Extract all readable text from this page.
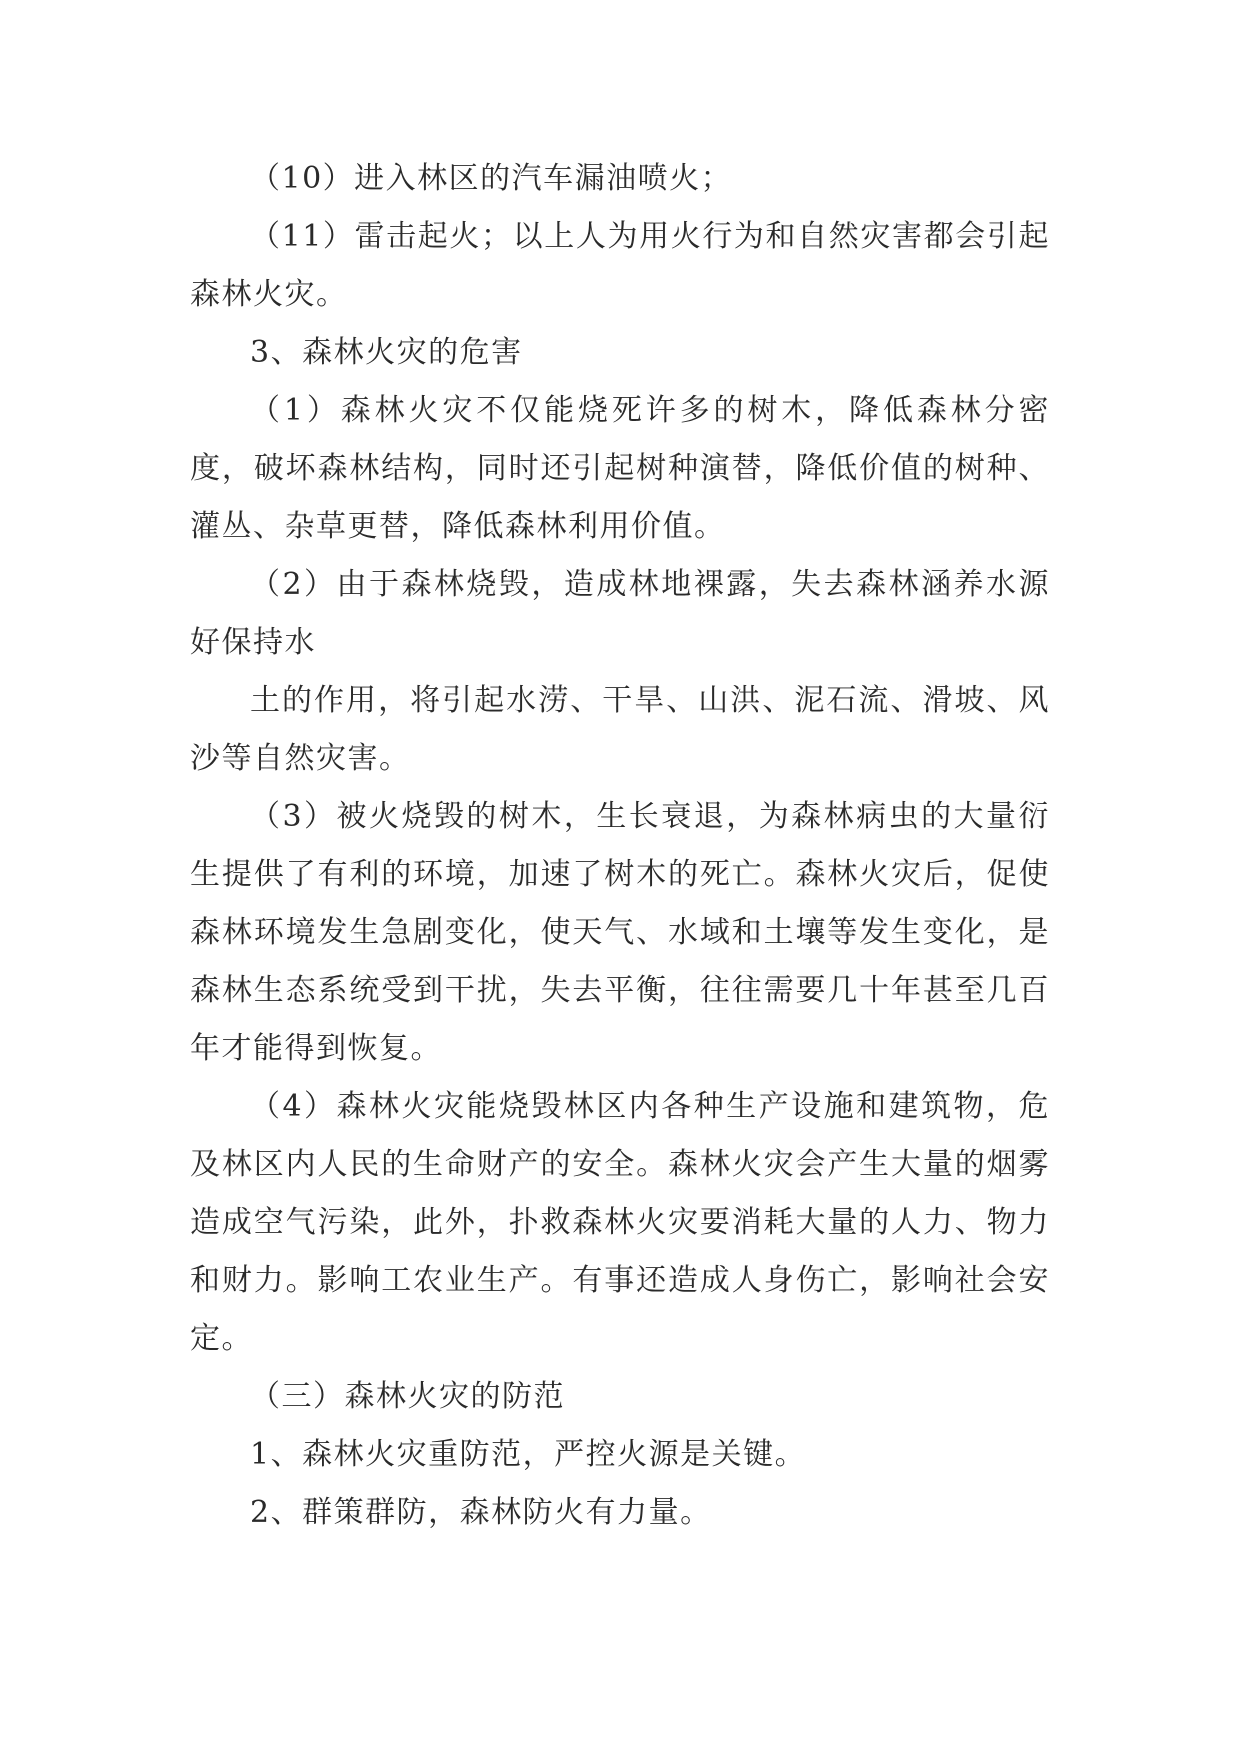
（10）进入林区的汽车漏油喷火；

（11）雷击起火；以上人为用火行为和自然灾害都会引起森林火灾。

3、森林火灾的危害

（1）森林火灾不仅能烧死许多的树木，降低森林分密度，破坏森林结构，同时还引起树种演替，降低价值的树种、灌丛、杂草更替，降低森林利用价值。

（2）由于森林烧毁，造成林地裸露，失去森林涵养水源好保持水

土的作用，将引起水涝、干旱、山洪、泥石流、滑坡、风沙等自然灾害。

（3）被火烧毁的树木，生长衰退，为森林病虫的大量衍生提供了有利的环境，加速了树木的死亡。森林火灾后，促使森林环境发生急剧变化，使天气、水域和土壤等发生变化，是森林生态系统受到干扰，失去平衡，往往需要几十年甚至几百年才能得到恢复。

（4）森林火灾能烧毁林区内各种生产设施和建筑物，危及林区内人民的生命财产的安全。森林火灾会产生大量的烟雾造成空气污染，此外，扑救森林火灾要消耗大量的人力、物力和财力。影响工农业生产。有事还造成人身伤亡，影响社会安定。

（三）森林火灾的防范

1、森林火灾重防范，严控火源是关键。

2、群策群防，森林防火有力量。
